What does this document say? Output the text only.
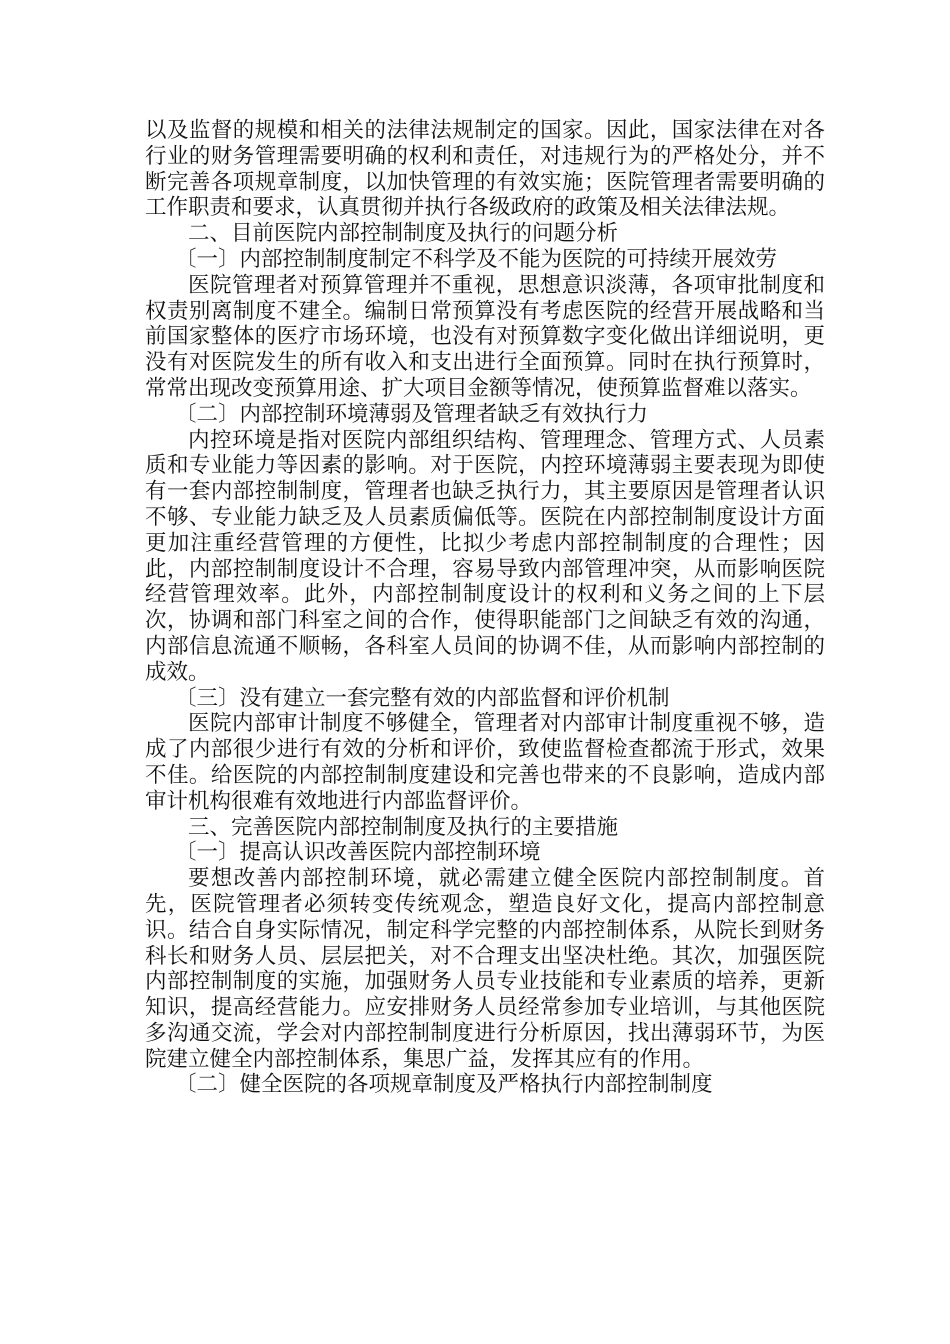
以及监督的规模和相关的法律法规制定的国家。因此，国家法律在对各行业的财务管理需要明确的权利和责任，对违规行为的严格处分，并不断完善各项规章制度，以加快管理的有效实施；医院管理者需要明确的工作职责和要求，认真贯彻并执行各级政府的政策及相关法律法规。

二、目前医院内部控制制度及执行的问题分析

〔一〕内部控制制度制定不科学及不能为医院的可持续开展效劳

医院管理者对预算管理并不重视，思想意识淡薄，各项审批制度和权责别离制度不建全。编制日常预算没有考虑医院的经营开展战略和当前国家整体的医疗市场环境，也没有对预算数字变化做出详细说明，更没有对医院发生的所有收入和支出进行全面预算。同时在执行预算时，常常出现改变预算用途、扩大项目金额等情况，使预算监督难以落实。

〔二〕内部控制环境薄弱及管理者缺乏有效执行力

内控环境是指对医院内部组织结构、管理理念、管理方式、人员素质和专业能力等因素的影响。对于医院，内控环境薄弱主要表现为即使有一套内部控制制度，管理者也缺乏执行力，其主要原因是管理者认识不够、专业能力缺乏及人员素质偏低等。医院在内部控制制度设计方面更加注重经营管理的方便性，比拟少考虑内部控制制度的合理性；因此，内部控制制度设计不合理，容易导致内部管理冲突，从而影响医院经营管理效率。此外，内部控制制度设计的权利和义务之间的上下层次，协调和部门科室之间的合作，使得职能部门之间缺乏有效的沟通，内部信息流通不顺畅，各科室人员间的协调不佳，从而影响内部控制的成效。

〔三〕没有建立一套完整有效的内部监督和评价机制

医院内部审计制度不够健全，管理者对内部审计制度重视不够，造成了内部很少进行有效的分析和评价，致使监督检查都流于形式，效果不佳。给医院的内部控制制度建设和完善也带来的不良影响，造成内部审计机构很难有效地进行内部监督评价。

三、完善医院内部控制制度及执行的主要措施

〔一〕提高认识改善医院内部控制环境

要想改善内部控制环境，就必需建立健全医院内部控制制度。首先，医院管理者必须转变传统观念，塑造良好文化，提高内部控制意识。结合自身实际情况，制定科学完整的内部控制体系，从院长到财务科长和财务人员、层层把关，对不合理支出坚决杜绝。其次，加强医院内部控制制度的实施，加强财务人员专业技能和专业素质的培养，更新知识，提高经营能力。应安排财务人员经常参加专业培训，与其他医院多沟通交流，学会对内部控制制度进行分析原因，找出薄弱环节，为医院建立健全内部控制体系，集思广益，发挥其应有的作用。

〔二〕健全医院的各项规章制度及严格执行内部控制制度
